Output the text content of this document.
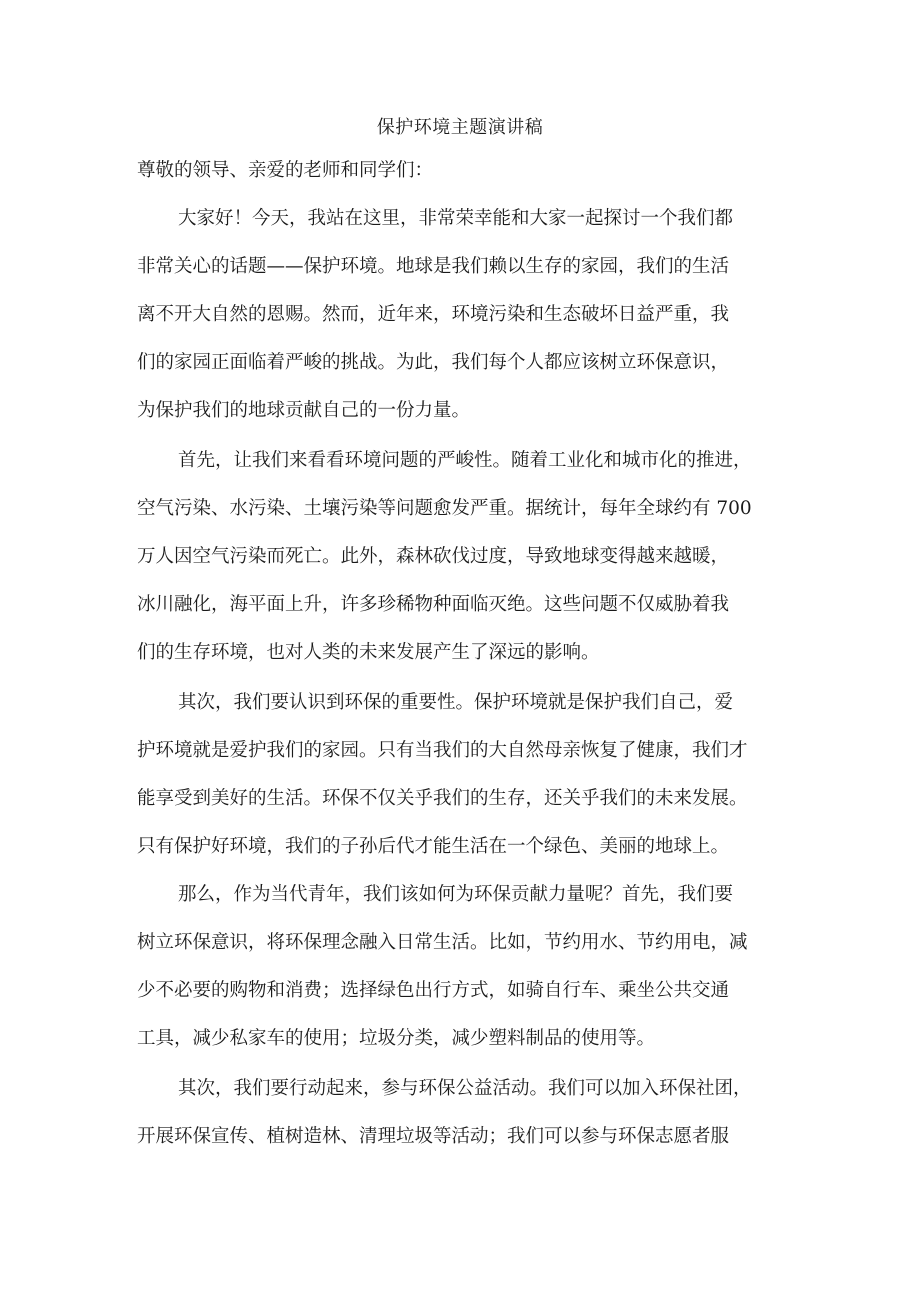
保护环境主题演讲稿
尊敬的领导、亲爱的老师和同学们：
大家好！今天，我站在这里，非常荣幸能和大家一起探讨一个我们都
非常关心的话题——保护环境。地球是我们赖以生存的家园，我们的生活
离不开大自然的恩赐。然而，近年来，环境污染和生态破坏日益严重，我
们的家园正面临着严峻的挑战。为此，我们每个人都应该树立环保意识，
为保护我们的地球贡献自己的一份力量。
首先，让我们来看看环境问题的严峻性。随着工业化和城市化的推进，
空气污染、水污染、土壤污染等问题愈发严重。据统计，每年全球约有 700
万人因空气污染而死亡。此外，森林砍伐过度，导致地球变得越来越暖，
冰川融化，海平面上升，许多珍稀物种面临灭绝。这些问题不仅威胁着我
们的生存环境，也对人类的未来发展产生了深远的影响。
其次，我们要认识到环保的重要性。保护环境就是保护我们自己，爱
护环境就是爱护我们的家园。只有当我们的大自然母亲恢复了健康，我们才
能享受到美好的生活。环保不仅关乎我们的生存，还关乎我们的未来发展。
只有保护好环境，我们的子孙后代才能生活在一个绿色、美丽的地球上。
那么，作为当代青年，我们该如何为环保贡献力量呢？首先，我们要
树立环保意识，将环保理念融入日常生活。比如，节约用水、节约用电，减
少不必要的购物和消费；选择绿色出行方式，如骑自行车、乘坐公共交通
工具，减少私家车的使用；垃圾分类，减少塑料制品的使用等。
其次，我们要行动起来，参与环保公益活动。我们可以加入环保社团，
开展环保宣传、植树造林、清理垃圾等活动；我们可以参与环保志愿者服
